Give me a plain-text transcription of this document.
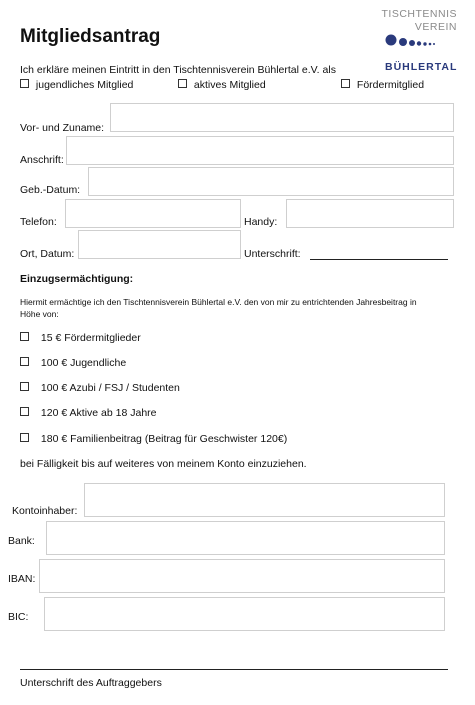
Mitgliedsantrag
TISCHTENNIS
VEREIN
BÜHLERTAL
Ich erkläre meinen Eintritt in den Tischtennisverein Bühlertal e.V. als
jugendliches Mitglied	aktives Mitglied	Fördermitglied
Vor- und Zuname:
Anschrift:
Geb.-Datum:
Telefon:	Handy:
Ort, Datum:	Unterschrift:
Einzugsermächtigung:
Hiermit ermächtige ich den Tischtennisverein Bühlertal e.V. den von mir zu entrichtenden Jahresbeitrag in
Höhe von:
15 € Fördermitglieder
100 € Jugendliche
100 € Azubi / FSJ / Studenten
120 € Aktive ab 18 Jahre
180 € Familienbeitrag (Beitrag für Geschwister 120€)
bei Fälligkeit bis auf weiteres von meinem Konto einzuziehen.
Kontoinhaber:
Bank:
IBAN:
BIC:
Unterschrift des Auftraggebers
